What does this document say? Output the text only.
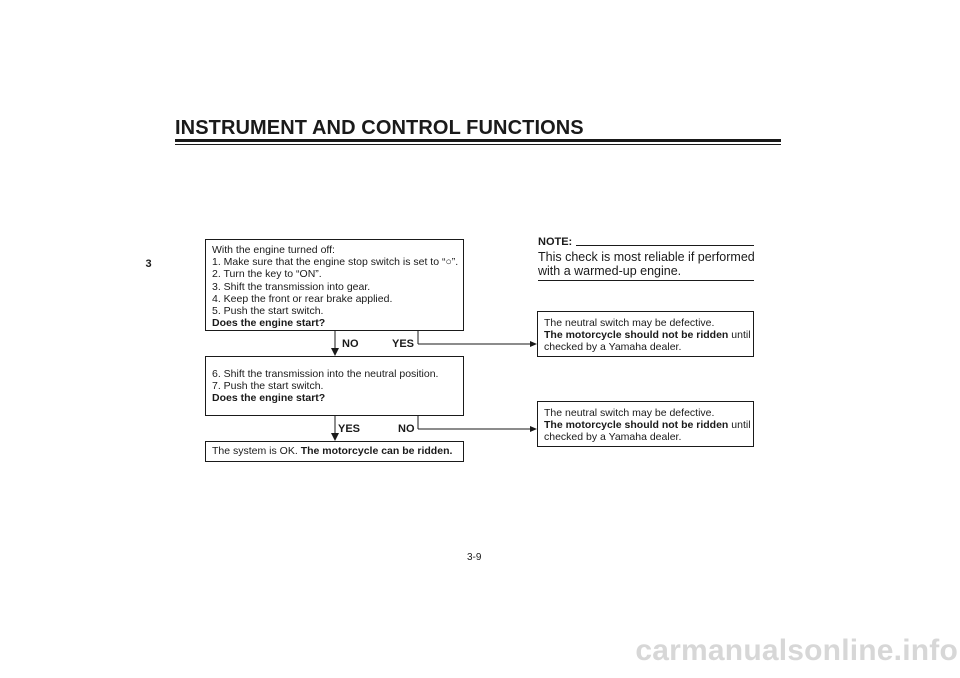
INSTRUMENT AND CONTROL FUNCTIONS
3
With the engine turned off:
1. Make sure that the engine stop switch is set to “○”.
2. Turn the key to “ON”.
3. Shift the transmission into gear.
4. Keep the front or rear brake applied.
5. Push the start switch.
Does the engine start?
NO	YES
6. Shift the transmission into the neutral position.
7. Push the start switch.
Does the engine start?
YES	NO
The system is OK. The motorcycle can be ridden.
NOTE:
This check is most reliable if performed with a warmed-up engine.
The neutral switch may be defective.
The motorcycle should not be ridden until
checked by a Yamaha dealer.
The neutral switch may be defective.
The motorcycle should not be ridden until
checked by a Yamaha dealer.
3-9
carmanualsonline.info
